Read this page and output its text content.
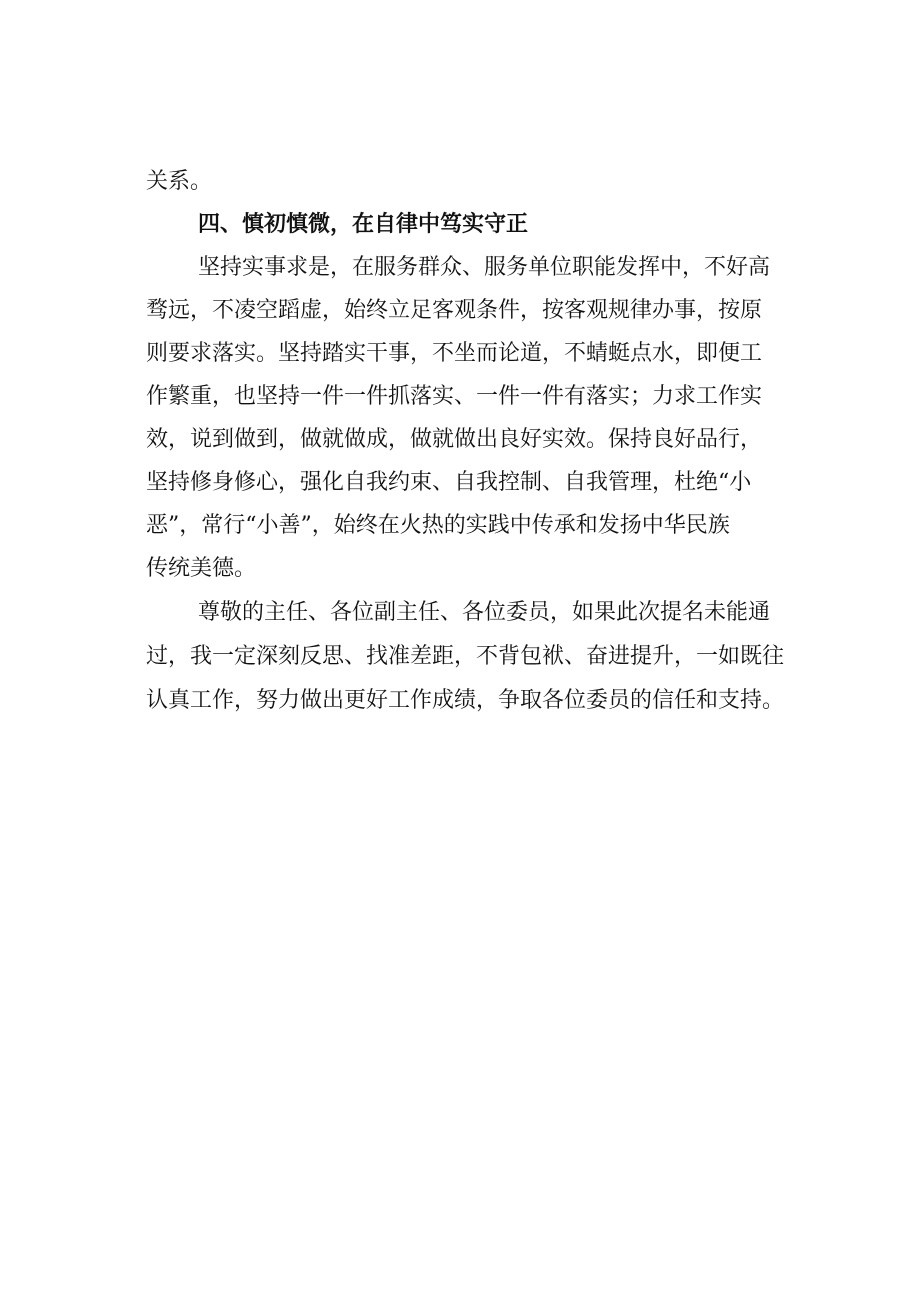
关系。

四、慎初慎微，在自律中笃实守正

坚持实事求是，在服务群众、服务单位职能发挥中，不好高

骛远，不凌空蹈虚，始终立足客观条件，按客观规律办事，按原

则要求落实。坚持踏实干事，不坐而论道，不蜻蜓点水，即便工

作繁重，也坚持一件一件抓落实、一件一件有落实；力求工作实

效，说到做到，做就做成，做就做出良好实效。保持良好品行，

坚持修身修心，强化自我约束、自我控制、自我管理，杜绝“小

恶”，常行“小善”，始终在火热的实践中传承和发扬中华民族

传统美德。

尊敬的主任、各位副主任、各位委员，如果此次提名未能通

过，我一定深刻反思、找准差距，不背包袱、奋进提升，一如既往

认真工作，努力做出更好工作成绩，争取各位委员的信任和支持。
